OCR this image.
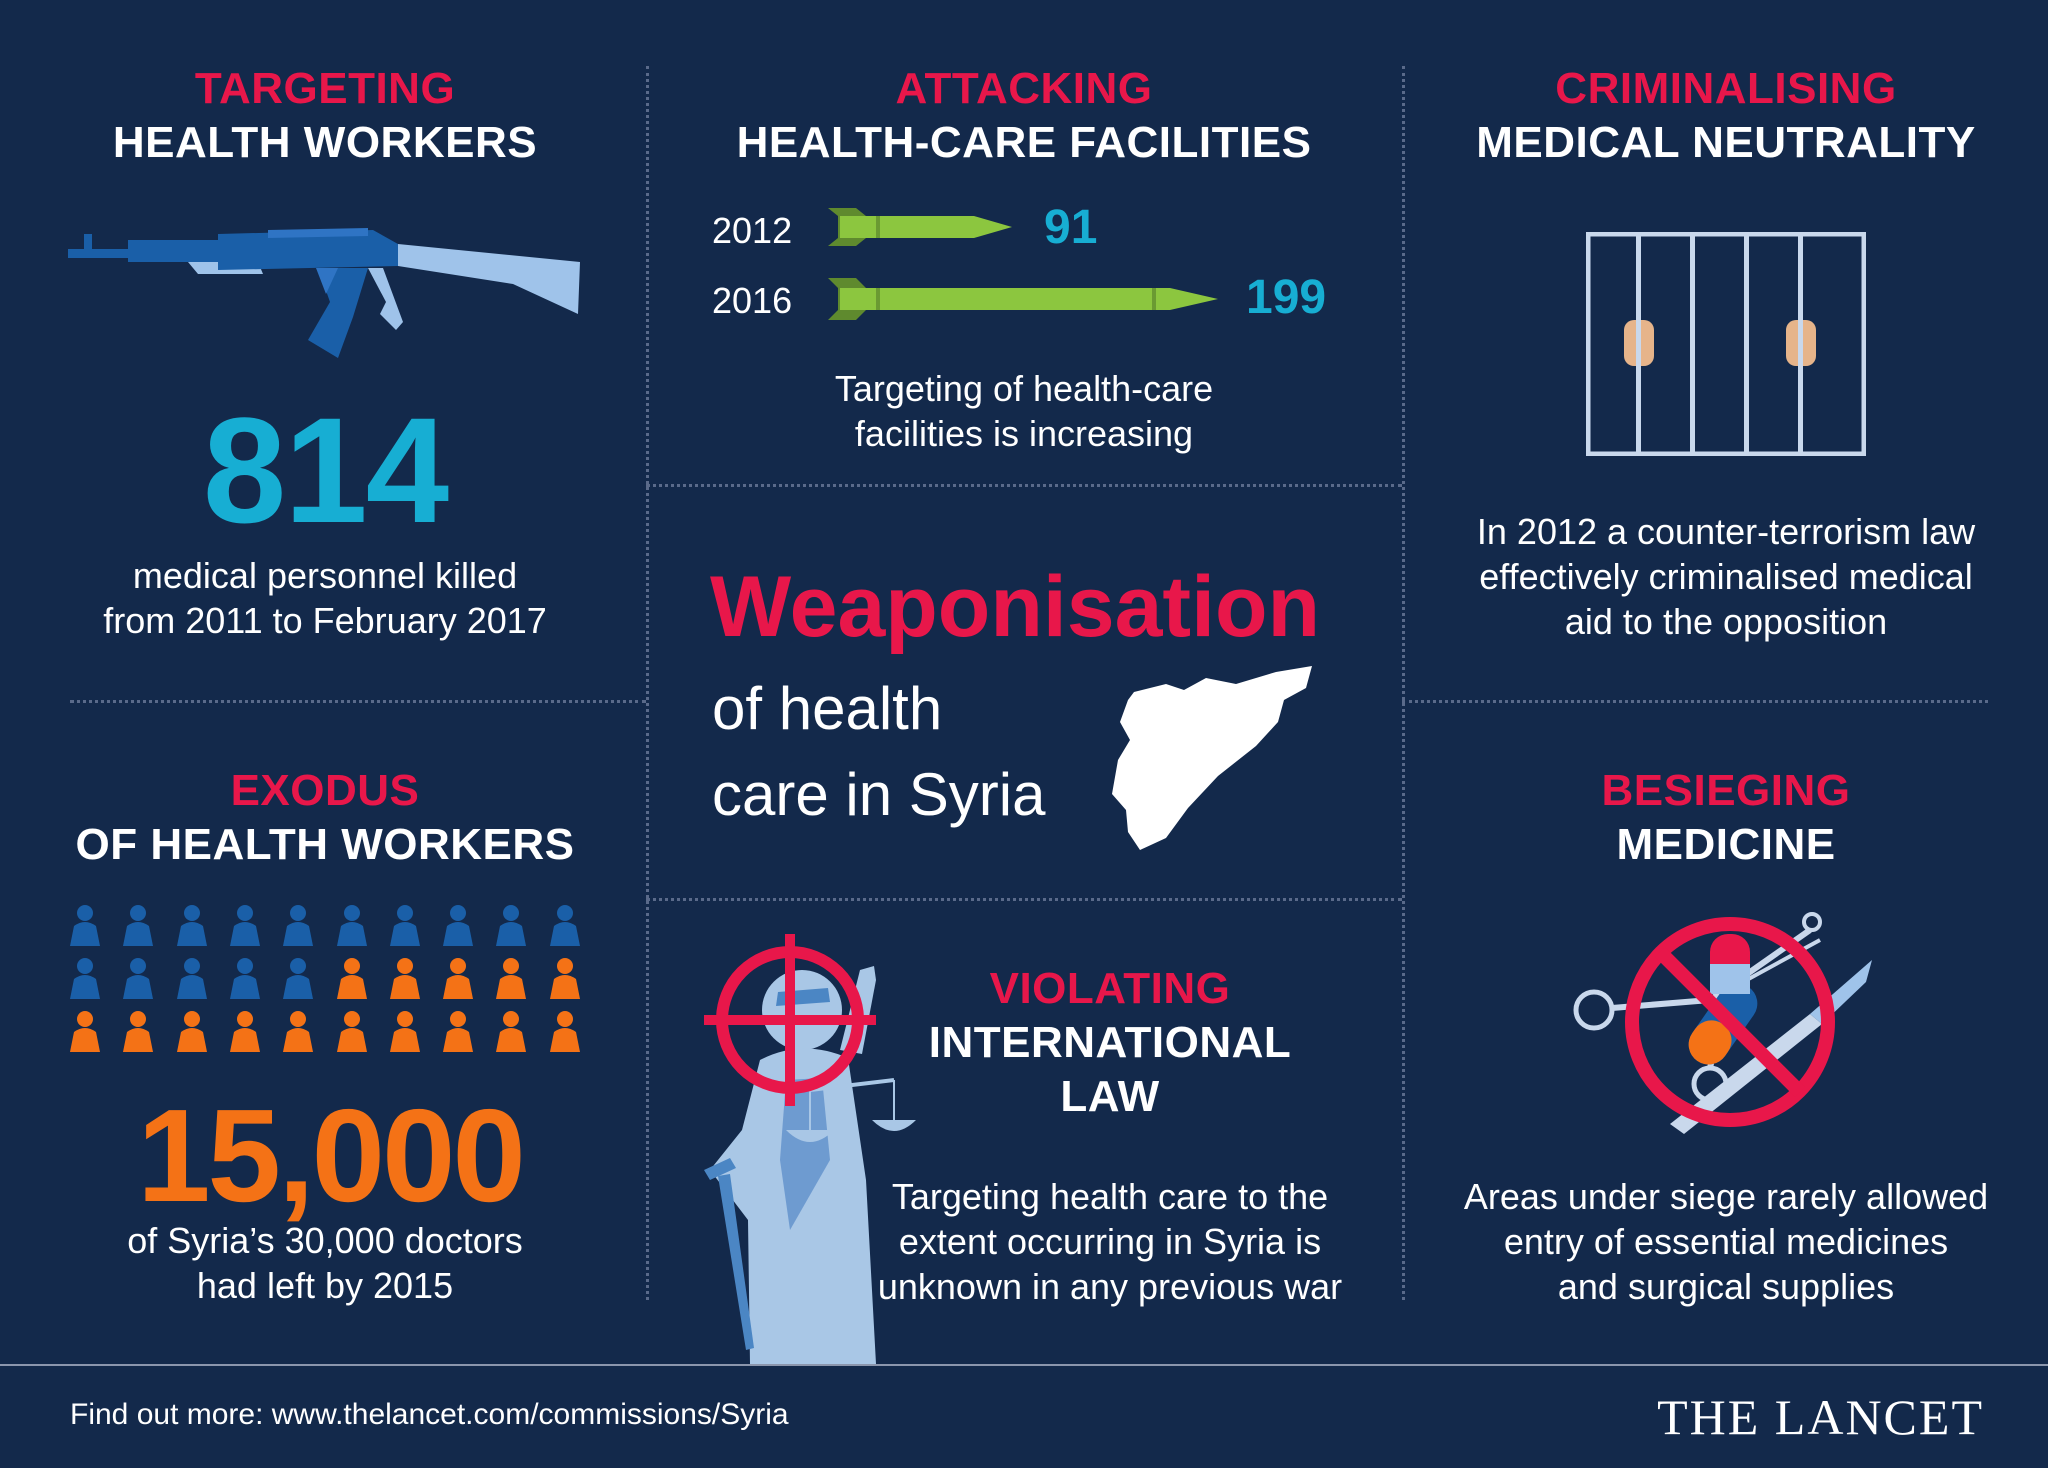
TARGETING
HEALTH WORKERS
814
medical personnel killed
from 2011 to February 2017
EXODUS
OF HEALTH WORKERS
15,000
of Syria’s 30,000 doctors
had left by 2015
ATTACKING
HEALTH-CARE FACILITIES
2012	91
2016	199
Targeting of health-care
facilities is increasing
Weaponisation
of health
care in Syria
VIOLATING
INTERNATIONAL
LAW
Targeting health care to the
extent occurring in Syria is
unknown in any previous war
CRIMINALISING
MEDICAL NEUTRALITY
In 2012 a counter-terrorism law
effectively criminalised medical
aid to the opposition
BESIEGING
MEDICINE
Areas under siege rarely allowed
entry of essential medicines
and surgical supplies
Find out more: www.thelancet.com/commissions/Syria	THE LANCET
